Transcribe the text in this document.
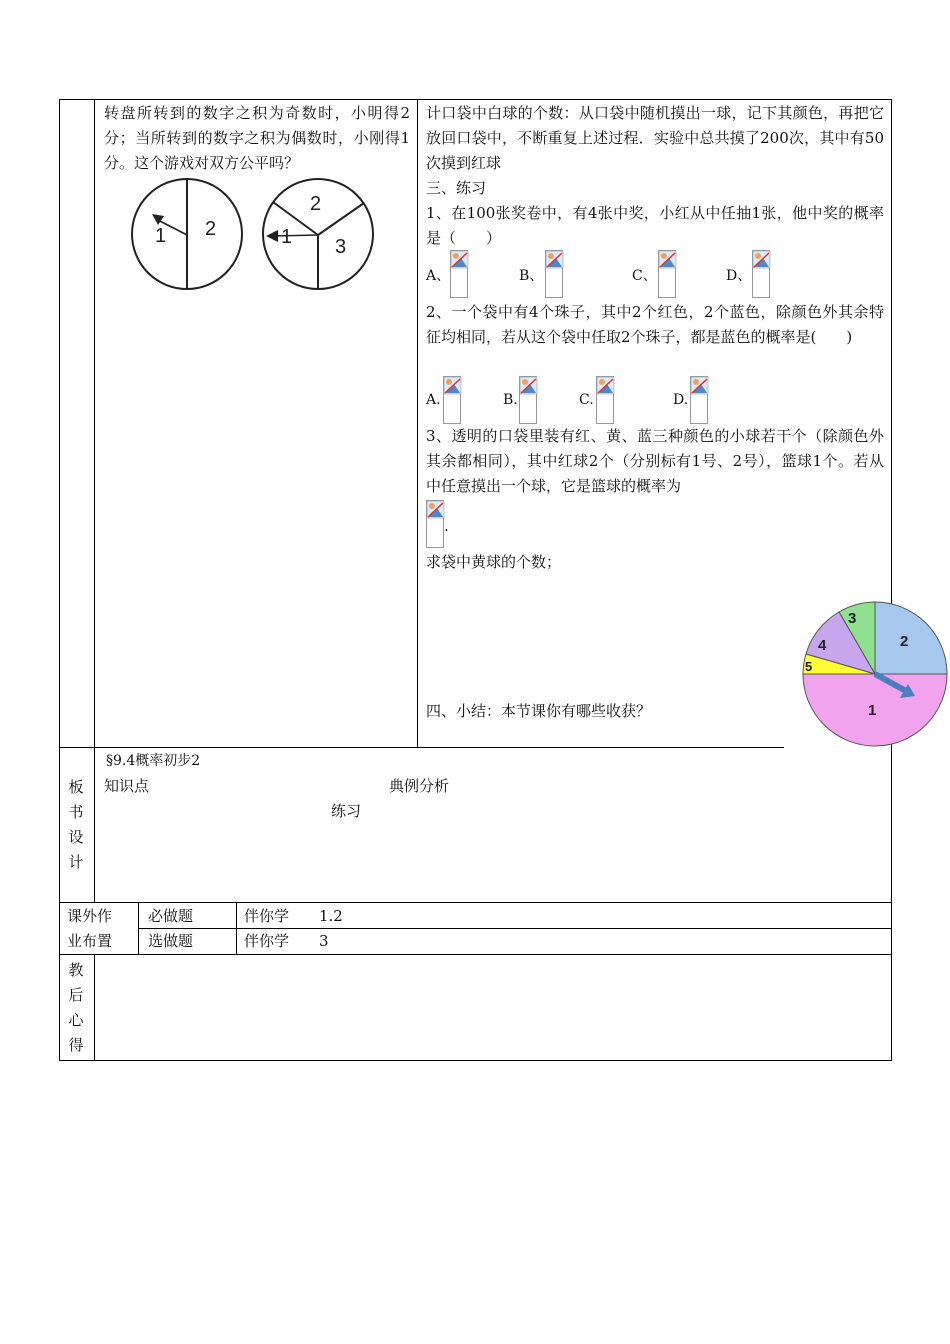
转盘所转到的数字之积为奇数时，小明得2分；当所转到的数字之积为偶数时，小刚得1分。这个游戏对双方公平吗？
1 2
2
1 3
计口袋中白球的个数：从口袋中随机摸出一球，记下其颜色，再把它放回口袋中，不断重复上述过程．实验中总共摸了200次，其中有50次摸到红球
三、练习
1、在100张奖卷中，有4张中奖，小红从中任抽1张，他中奖的概率是（　　）
A、	B、	C、	D、
2、一个袋中有4个珠子，其中2个红色，2个蓝色，除颜色外其余特征均相同，若从这个袋中任取2个珠子，都是蓝色的概率是(　　)
A.	B.	C.	D.
3、透明的口袋里装有红、黄、蓝三种颜色的小球若干个（除颜色外其余都相同），其中红球2个（分别标有1号、2号），篮球1个。若从中任意摸出一个球，它是篮球的概率为
.
求袋中黄球的个数；
四、小结：本节课你有哪些收获？	1
2
3
4
5
板
书
设
计
§9.4概率初步2
知识点	典例分析
练习
课外作
业布置
必做题	伴你学　　1.2
选做题	伴你学　　3
教
后
心
得
